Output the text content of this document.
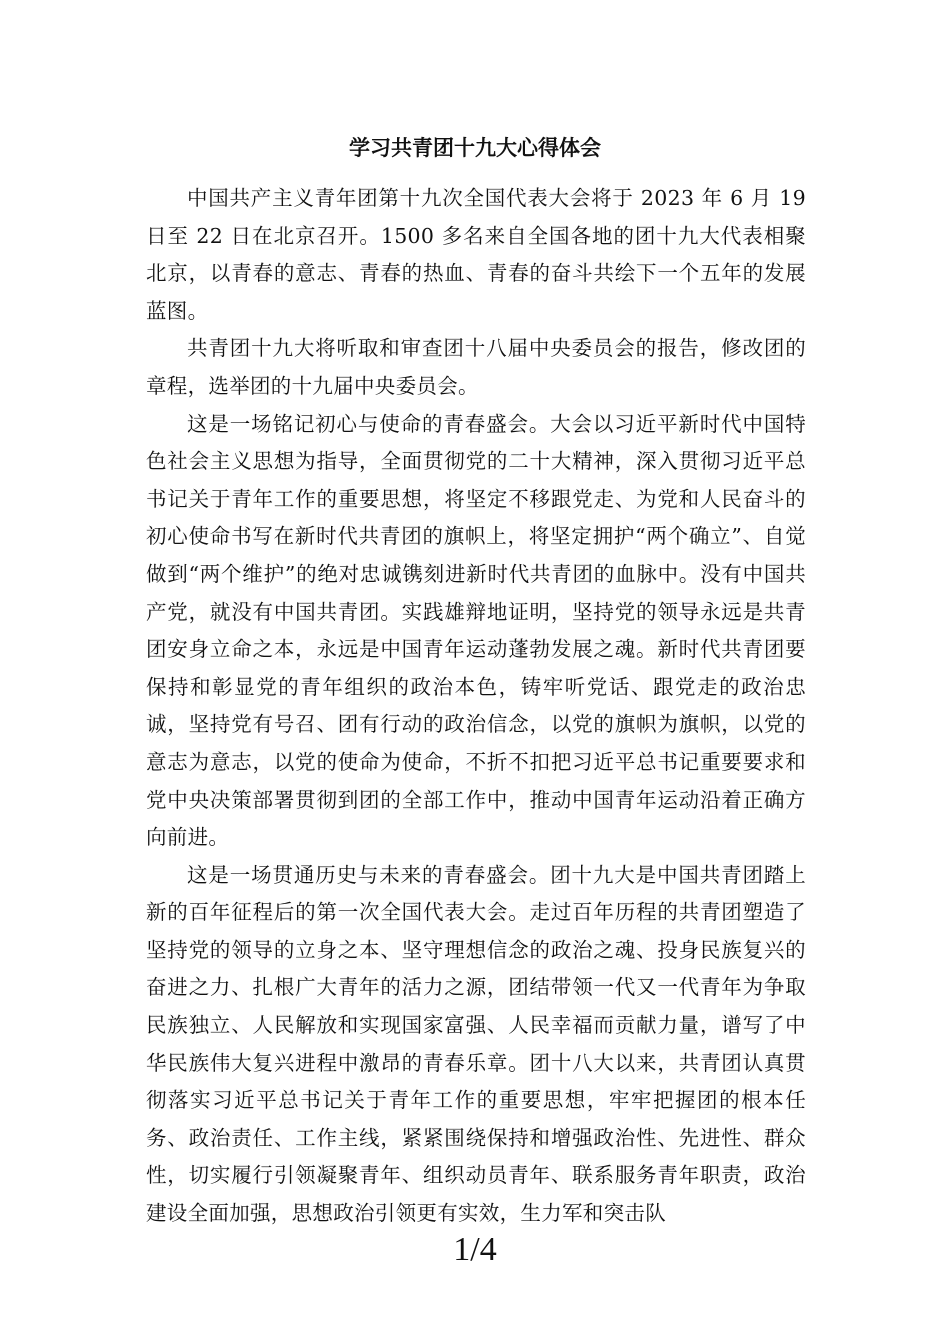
学习共青团十九大心得体会

中国共产主义青年团第十九次全国代表大会将于 2023 年 6 月 19 日至 22 日在北京召开。1500 多名来自全国各地的团十九大代表相聚北京，以青春的意志、青春的热血、青春的奋斗共绘下一个五年的发展蓝图。

共青团十九大将听取和审查团十八届中央委员会的报告，修改团的章程，选举团的十九届中央委员会。

这是一场铭记初心与使命的青春盛会。大会以习近平新时代中国特色社会主义思想为指导，全面贯彻党的二十大精神，深入贯彻习近平总书记关于青年工作的重要思想，将坚定不移跟党走、为党和人民奋斗的初心使命书写在新时代共青团的旗帜上，将坚定拥护“两个确立”、自觉做到“两个维护”的绝对忠诚镌刻进新时代共青团的血脉中。没有中国共产党，就没有中国共青团。实践雄辩地证明，坚持党的领导永远是共青团安身立命之本，永远是中国青年运动蓬勃发展之魂。新时代共青团要保持和彰显党的青年组织的政治本色，铸牢听党话、跟党走的政治忠诚，坚持党有号召、团有行动的政治信念，以党的旗帜为旗帜，以党的意志为意志，以党的使命为使命，不折不扣把习近平总书记重要要求和党中央决策部署贯彻到团的全部工作中，推动中国青年运动沿着正确方向前进。

这是一场贯通历史与未来的青春盛会。团十九大是中国共青团踏上新的百年征程后的第一次全国代表大会。走过百年历程的共青团塑造了坚持党的领导的立身之本、坚守理想信念的政治之魂、投身民族复兴的奋进之力、扎根广大青年的活力之源，团结带领一代又一代青年为争取民族独立、人民解放和实现国家富强、人民幸福而贡献力量，谱写了中华民族伟大复兴进程中激昂的青春乐章。团十八大以来，共青团认真贯彻落实习近平总书记关于青年工作的重要思想，牢牢把握团的根本任务、政治责任、工作主线，紧紧围绕保持和增强政治性、先进性、群众性，切实履行引领凝聚青年、组织动员青年、联系服务青年职责，政治建设全面加强，思想政治引领更有实效，生力军和突击队

1/4
